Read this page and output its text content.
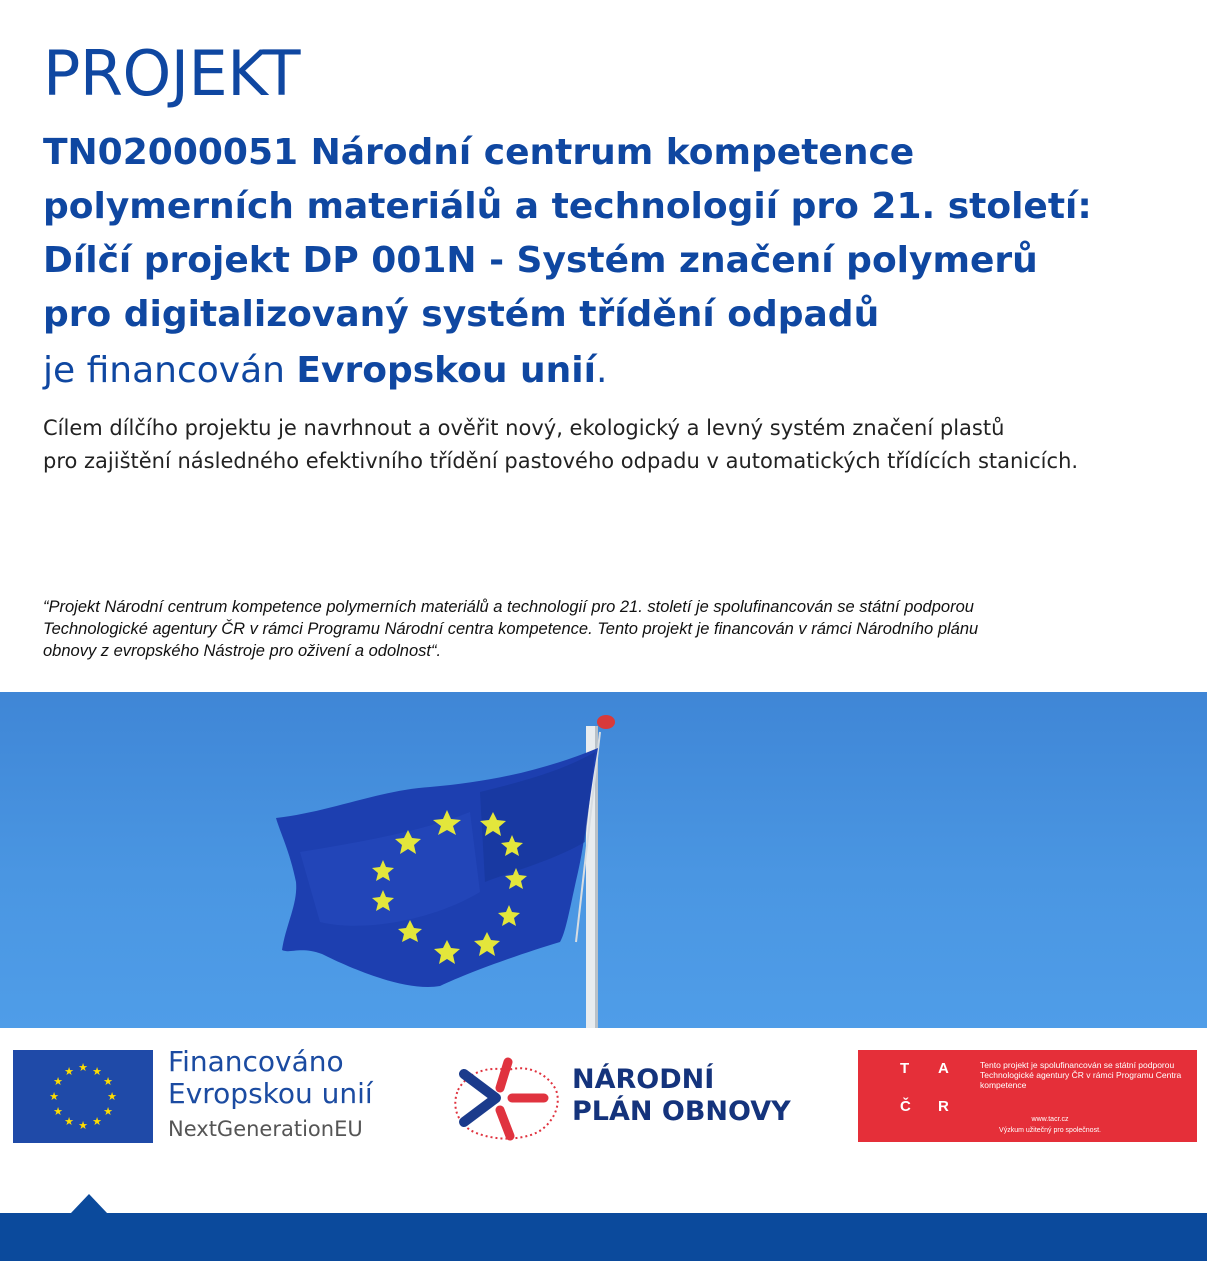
PROJEKT
TN02000051 Národní centrum kompetence
polymerních materiálů a technologií pro 21. století:
Dílčí projekt DP 001N - Systém značení polymerů
pro digitalizovaný systém třídění odpadů
je financován Evropskou unií.
Cílem dílčího projektu je navrhnout a ověřit nový, ekologický a levný systém značení plastů
pro zajištění následného efektivního třídění pastového odpadu v automatických třídících stanicích.
“Projekt Národní centrum kompetence polymerních materiálů a technologií pro 21. století je spolufinancován se státní podporou
Technologické agentury ČR v rámci Programu Národní centra kompetence. Tento projekt je financován v rámci Národního plánu
obnovy z evropského Nástroje pro oživení a odolnost“.
★ ★
★
★
★
★
★
★
★
★
★
★	Financováno
Evropskou unií
NextGenerationEU
NÁRODNÍ
PLÁN OBNOVY
T A
Č R
Tento projekt je spolufinancován se státní podporou Technologické agentury ČR v rámci Programu Centra kompetence
www.tacr.cz
Výzkum užitečný pro společnost.
